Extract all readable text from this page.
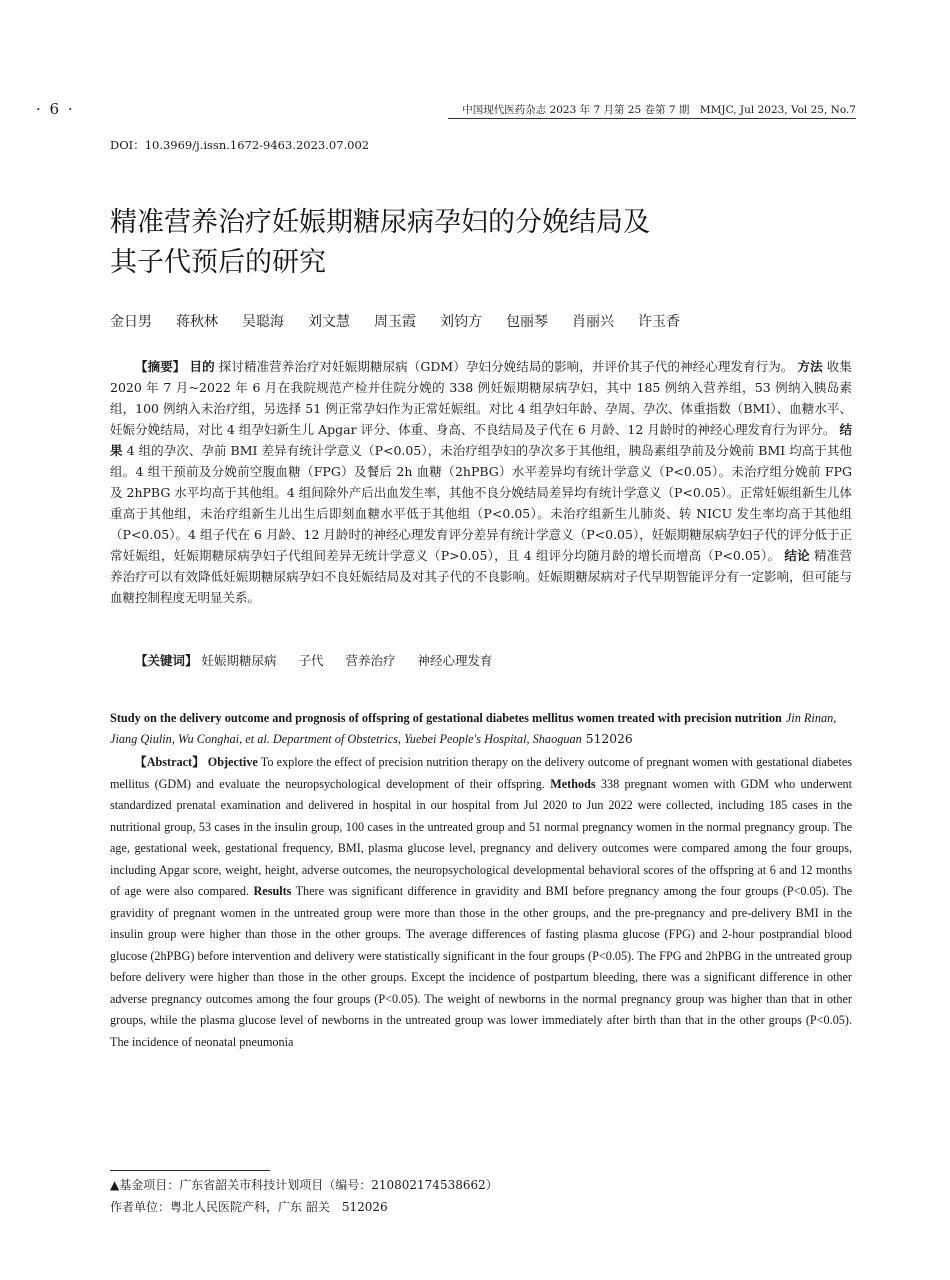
· 6 ·	中国现代医药杂志 2023 年 7 月第 25 卷第 7 期　MMJC, Jul 2023, Vol 25, No.7
DOI：10.3969/j.issn.1672-9463.2023.07.002
精准营养治疗妊娠期糖尿病孕妇的分娩结局及
其子代预后的研究
金日男 蒋秋林 吴聪海 刘文慧 周玉霞 刘钧方 包丽琴 肖丽兴 许玉香
【摘要】 目的 探讨精准营养治疗对妊娠期糖尿病（GDM）孕妇分娩结局的影响，并评价其子代的神经心理发育行为。 方法 收集 2020 年 7 月~2022 年 6 月在我院规范产检并住院分娩的 338 例妊娠期糖尿病孕妇，其中 185 例纳入营养组，53 例纳入胰岛素组，100 例纳入未治疗组，另选择 51 例正常孕妇作为正常妊娠组。对比 4 组孕妇年龄、孕周、孕次、体重指数（BMI）、血糖水平、妊娠分娩结局，对比 4 组孕妇新生儿 Apgar 评分、体重、身高、不良结局及子代在 6 月龄、12 月龄时的神经心理发育行为评分。 结果 4 组的孕次、孕前 BMI 差异有统计学意义（P<0.05），未治疗组孕妇的孕次多于其他组，胰岛素组孕前及分娩前 BMI 均高于其他组。4 组干预前及分娩前空腹血糖（FPG）及餐后 2h 血糖（2hPBG）水平差异均有统计学意义（P<0.05）。未治疗组分娩前 FPG 及 2hPBG 水平均高于其他组。4 组间除外产后出血发生率，其他不良分娩结局差异均有统计学意义（P<0.05）。正常妊娠组新生儿体重高于其他组，未治疗组新生儿出生后即刻血糖水平低于其他组（P<0.05）。未治疗组新生儿肺炎、转 NICU 发生率均高于其他组（P<0.05）。4 组子代在 6 月龄、12 月龄时的神经心理发育评分差异有统计学意义（P<0.05），妊娠期糖尿病孕妇子代的评分低于正常妊娠组，妊娠期糖尿病孕妇子代组间差异无统计学意义（P>0.05），且 4 组评分均随月龄的增长而增高（P<0.05）。 结论 精准营养治疗可以有效降低妊娠期糖尿病孕妇不良妊娠结局及对其子代的不良影响。妊娠期糖尿病对子代早期智能评分有一定影响，但可能与血糖控制程度无明显关系。
【关键词】 妊娠期糖尿病 子代 营养治疗 神经心理发育
Study on the delivery outcome and prognosis of offspring of gestational diabetes mellitus women treated with precision nutrition Jin Rinan, Jiang Qiulin, Wu Conghai, et al. Department of Obstetrics, Yuebei People's Hospital, Shaoguan 512026
【Abstract】 Objective To explore the effect of precision nutrition therapy on the delivery outcome of pregnant women with gestational diabetes mellitus (GDM) and evaluate the neuropsychological development of their offspring. Methods 338 pregnant women with GDM who underwent standardized prenatal examination and delivered in hospital in our hospital from Jul 2020 to Jun 2022 were collected, including 185 cases in the nutritional group, 53 cases in the insulin group, 100 cases in the untreated group and 51 normal pregnancy women in the normal pregnancy group. The age, gestational week, gestational frequency, BMI, plasma glucose level, pregnancy and delivery outcomes were compared among the four groups, including Apgar score, weight, height, adverse outcomes, the neuropsychological developmental behavioral scores of the offspring at 6 and 12 months of age were also compared. Results There was significant difference in gravidity and BMI before pregnancy among the four groups (P<0.05). The gravidity of pregnant women in the untreated group were more than those in the other groups, and the pre-pregnancy and pre-delivery BMI in the insulin group were higher than those in the other groups. The average differences of fasting plasma glucose (FPG) and 2-hour postprandial blood glucose (2hPBG) before intervention and delivery were statistically significant in the four groups (P<0.05). The FPG and 2hPBG in the untreated group before delivery were higher than those in the other groups. Except the incidence of postpartum bleeding, there was a significant difference in other adverse pregnancy outcomes among the four groups (P<0.05). The weight of newborns in the normal pregnancy group was higher than that in other groups, while the plasma glucose level of newborns in the untreated group was lower immediately after birth than that in the other groups (P<0.05). The incidence of neonatal pneumonia
▲基金项目：广东省韶关市科技计划项目（编号：210802174538662）
作者单位：粤北人民医院产科，广东 韶关　512026
